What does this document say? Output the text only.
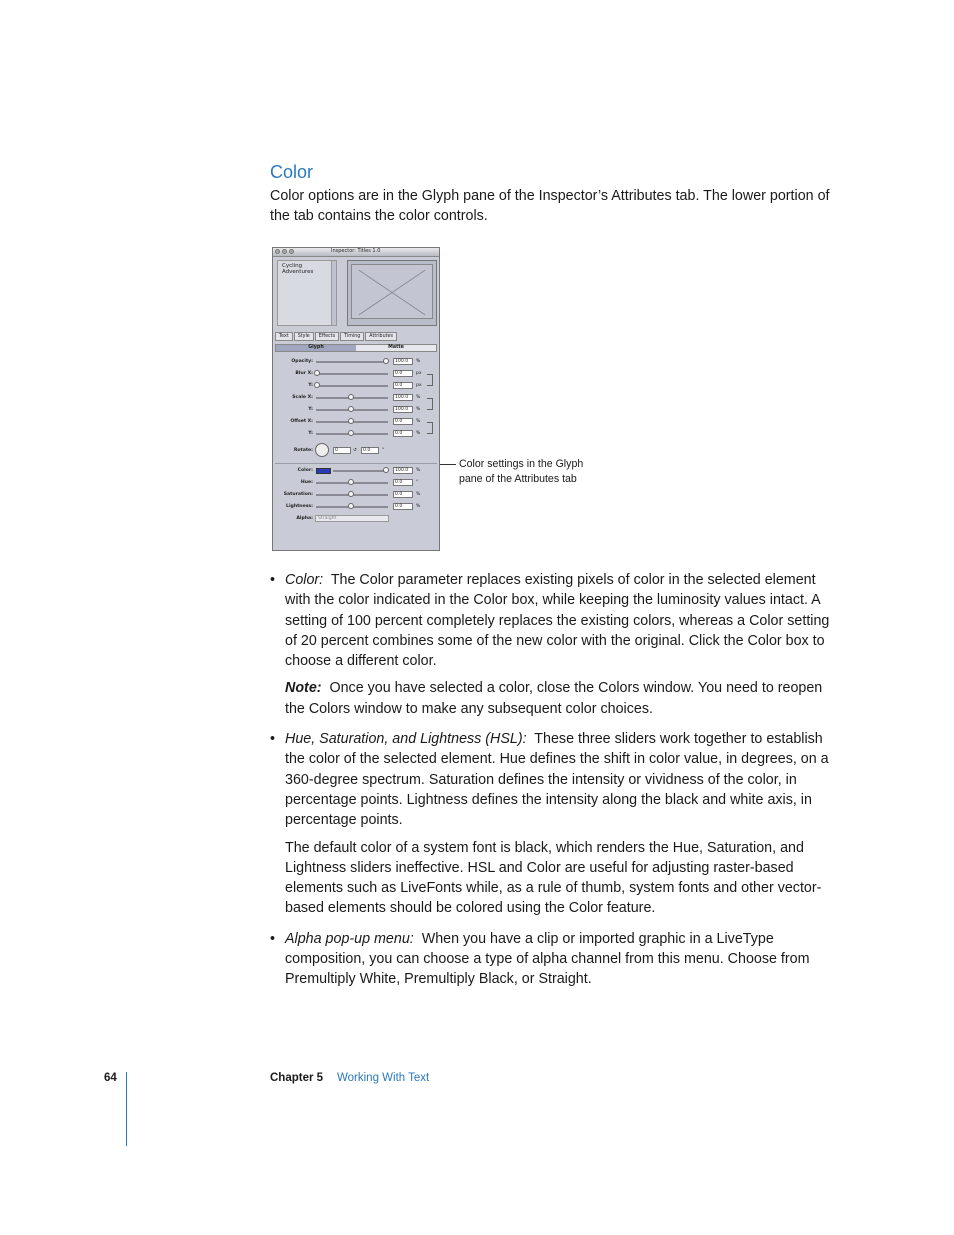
Color

Color options are in the Glyph pane of the Inspector’s Attributes tab. The lower portion of the tab contains the color controls.

Inspector: Titles 1.0
Cycling
Adventures
Text	Style	Effects	Timing	Attributes
Glyph	Matte
Opacity:	100.0	%
Blur X:	0.0	px
Y:	0.0	px
Scale X:	100.0	%
Y:	100.0	%
Offset X:	0.0	%
Y:	0.0	%
Rotate:	0	↺	0.0	°
Color:	100.0	%
Hue:	0.0	°
Saturation:	0.0	%
Lightness:	0.0	%
Alpha:	Straight

Color settings in the Glyph pane of the Attributes tab

• Color: The Color parameter replaces existing pixels of color in the selected element with the color indicated in the Color box, while keeping the luminosity values intact. A setting of 100 percent completely replaces the existing colors, whereas a Color setting of 20 percent combines some of the new color with the original. Click the Color box to choose a different color.

Note: Once you have selected a color, close the Colors window. You need to reopen the Colors window to make any subsequent color choices.

• Hue, Saturation, and Lightness (HSL): These three sliders work together to establish the color of the selected element. Hue defines the shift in color value, in degrees, on a 360-degree spectrum. Saturation defines the intensity or vividness of the color, in percentage points. Lightness defines the intensity along the black and white axis, in percentage points.

The default color of a system font is black, which renders the Hue, Saturation, and Lightness sliders ineffective. HSL and Color are useful for adjusting raster-based elements such as LiveFonts while, as a rule of thumb, system fonts and other vector-based elements should be colored using the Color feature.

• Alpha pop-up menu: When you have a clip or imported graphic in a LiveType composition, you can choose a type of alpha channel from this menu. Choose from Premultiply White, Premultiply Black, or Straight.

64	Chapter 5 Working With Text
